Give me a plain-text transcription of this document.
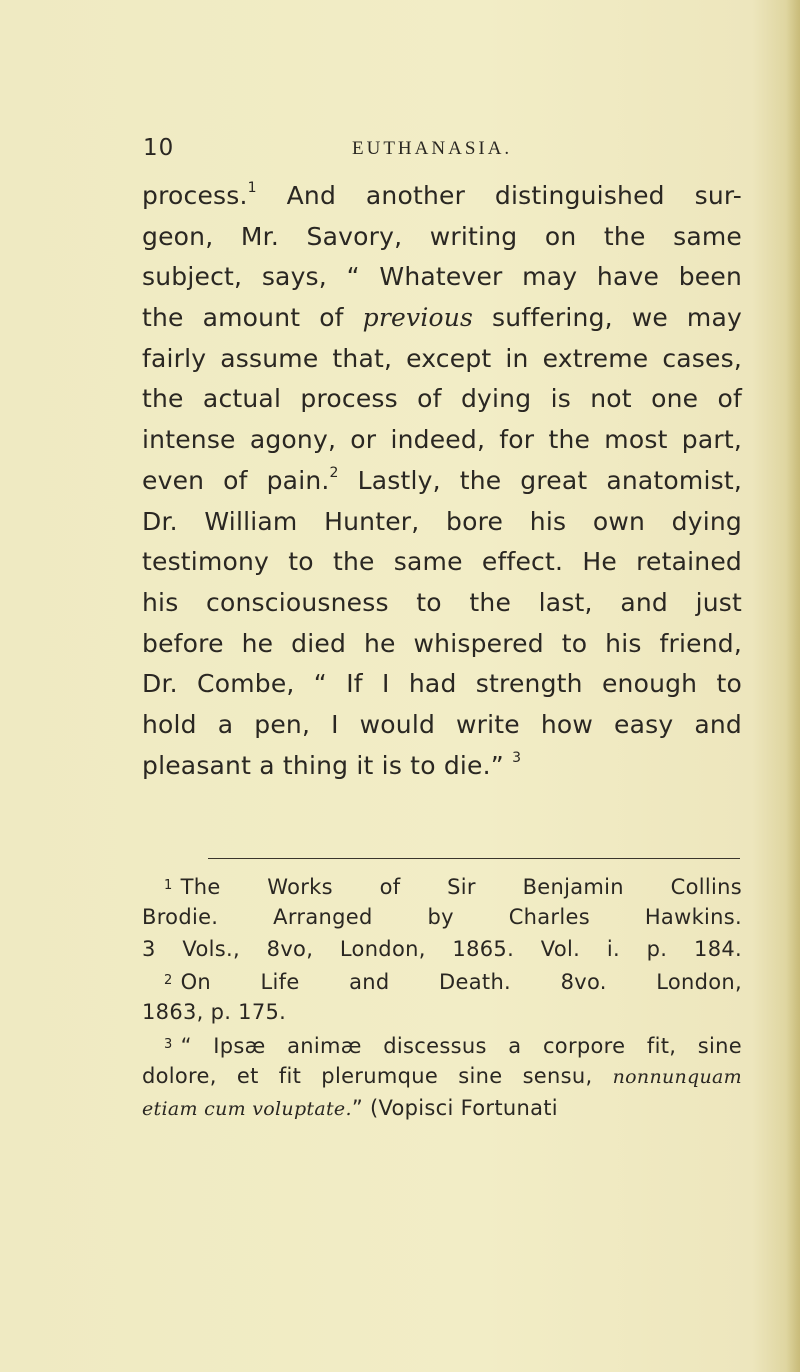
10	EUTHANASIA.
process.$^1$ And another distinguished sur-
geon, Mr. Savory, writing on the same
subject, says, “ Whatever may have been
the amount of previous suffering, we may
fairly assume that, except in extreme cases,
the actual process of dying is not one of
intense agony, or indeed, for the most part,
even of pain.$^2$ Lastly, the great anatomist,
Dr. William Hunter, bore his own dying
testimony to the same effect. He retained
his consciousness to the last, and just
before he died he whispered to his friend,
Dr. Combe, “ If I had strength enough to
hold a pen, I would write how easy and
pleasant a thing it is to die.” $^3$
$^1$ The Works of Sir Benjamin Collins
Brodie. Arranged by Charles Hawkins.
3 Vols., 8vo, London, 1865. Vol. i. p. 184.
$^2$ On Life and Death. 8vo. London,
1863, p. 175.
$^3$ “ Ipsæ animæ discessus a corpore fit, sine
dolore, et fit plerumque sine sensu, nonnunquam
etiam cum voluptate.” (Vopisci Fortunati
